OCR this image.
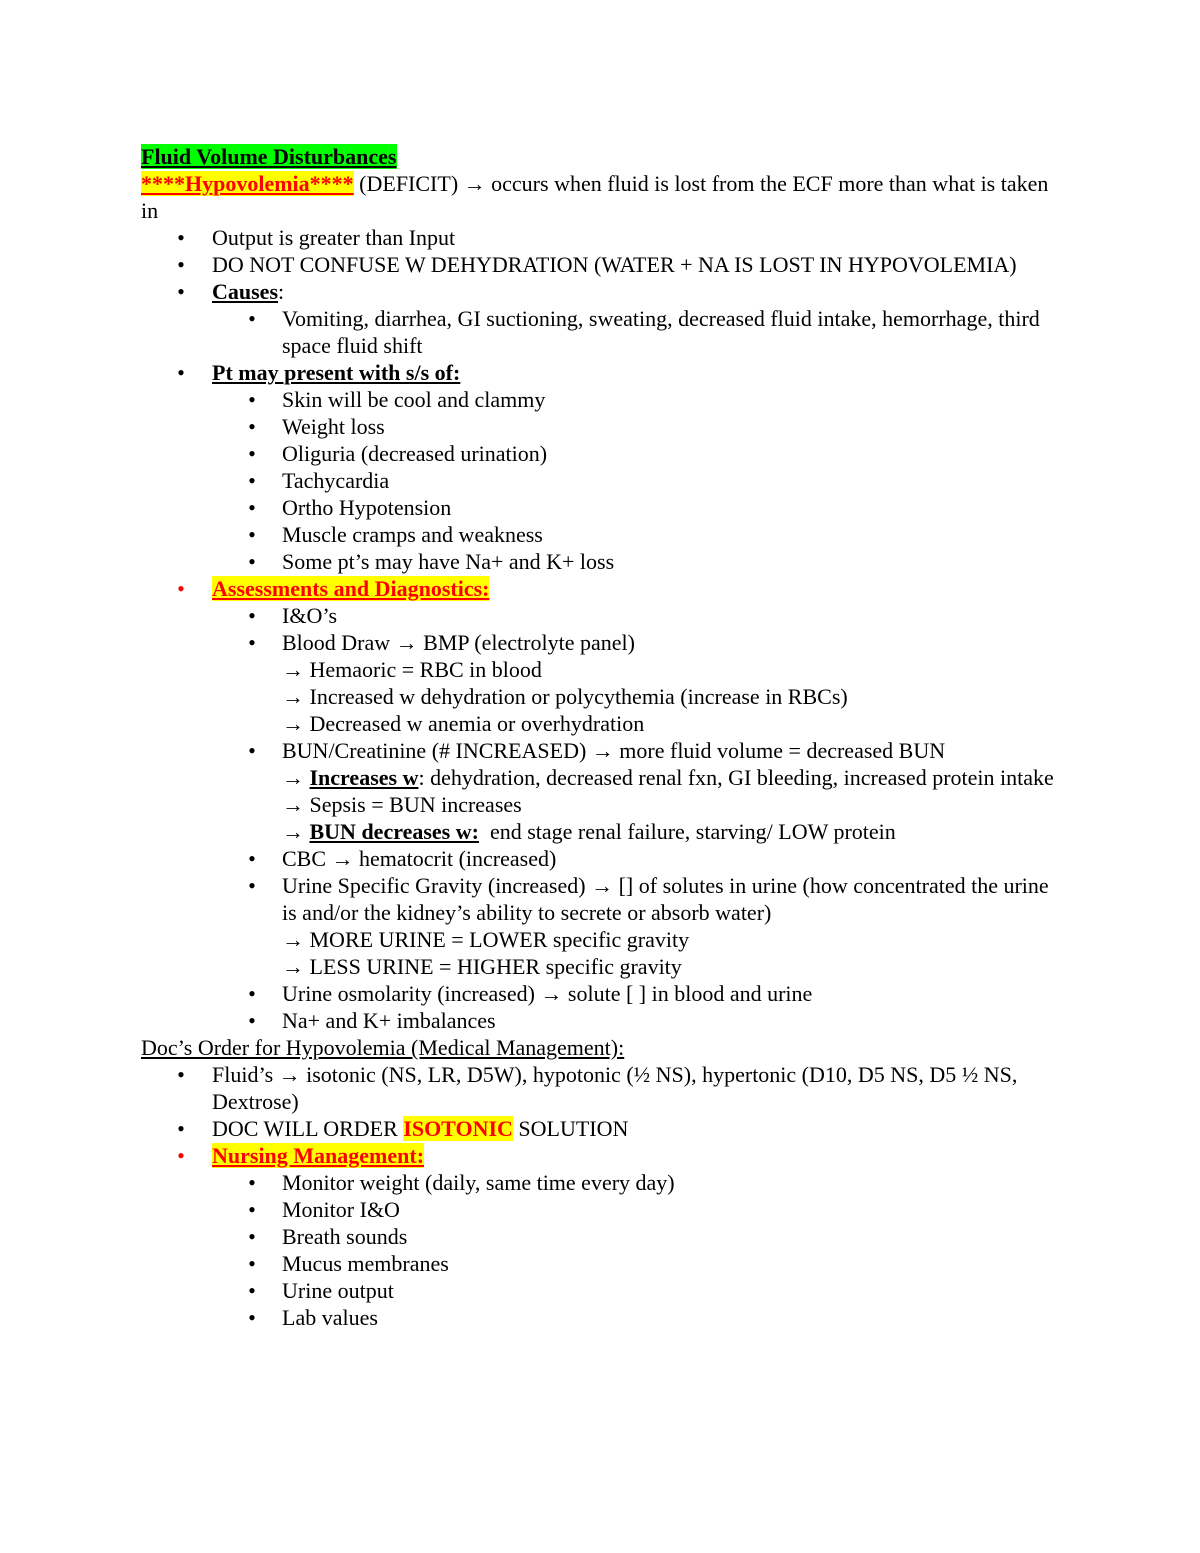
Fluid Volume Disturbances

****Hypovolemia**** (DEFICIT) → occurs when fluid is lost from the ECF more than what is taken in

• Output is greater than Input
• DO NOT CONFUSE W DEHYDRATION (WATER + NA IS LOST IN HYPOVOLEMIA)
• Causes:
• Vomiting, diarrhea, GI suctioning, sweating, decreased fluid intake, hemorrhage, third space fluid shift
• Pt may present with s/s of:
• Skin will be cool and clammy
• Weight loss
• Oliguria (decreased urination)
• Tachycardia
• Ortho Hypotension
• Muscle cramps and weakness
• Some pt’s may have Na+ and K+ loss
• Assessments and Diagnostics:
• I&O’s
• Blood Draw → BMP (electrolyte panel)
→ Hemaoric = RBC in blood
→ Increased w dehydration or polycythemia (increase in RBCs)
→ Decreased w anemia or overhydration
• BUN/Creatinine (# INCREASED) → more fluid volume = decreased BUN
→ Increases w: dehydration, decreased renal fxn, GI bleeding, increased protein intake
→ Sepsis = BUN increases
→ BUN decreases w:  end stage renal failure, starving/ LOW protein
• CBC → hematocrit (increased)
• Urine Specific Gravity (increased) → [] of solutes in urine (how concentrated the urine is and/or the kidney’s ability to secrete or absorb water)
→ MORE URINE = LOWER specific gravity
→ LESS URINE = HIGHER specific gravity
• Urine osmolarity (increased) → solute [ ] in blood and urine
• Na+ and K+ imbalances

Doc’s Order for Hypovolemia (Medical Management):

• Fluid’s → isotonic (NS, LR, D5W), hypotonic (½ NS), hypertonic (D10, D5 NS, D5 ½ NS, Dextrose)
• DOC WILL ORDER ISOTONIC SOLUTION
• Nursing Management:
• Monitor weight (daily, same time every day)
• Monitor I&O
• Breath sounds
• Mucus membranes
• Urine output
• Lab values
